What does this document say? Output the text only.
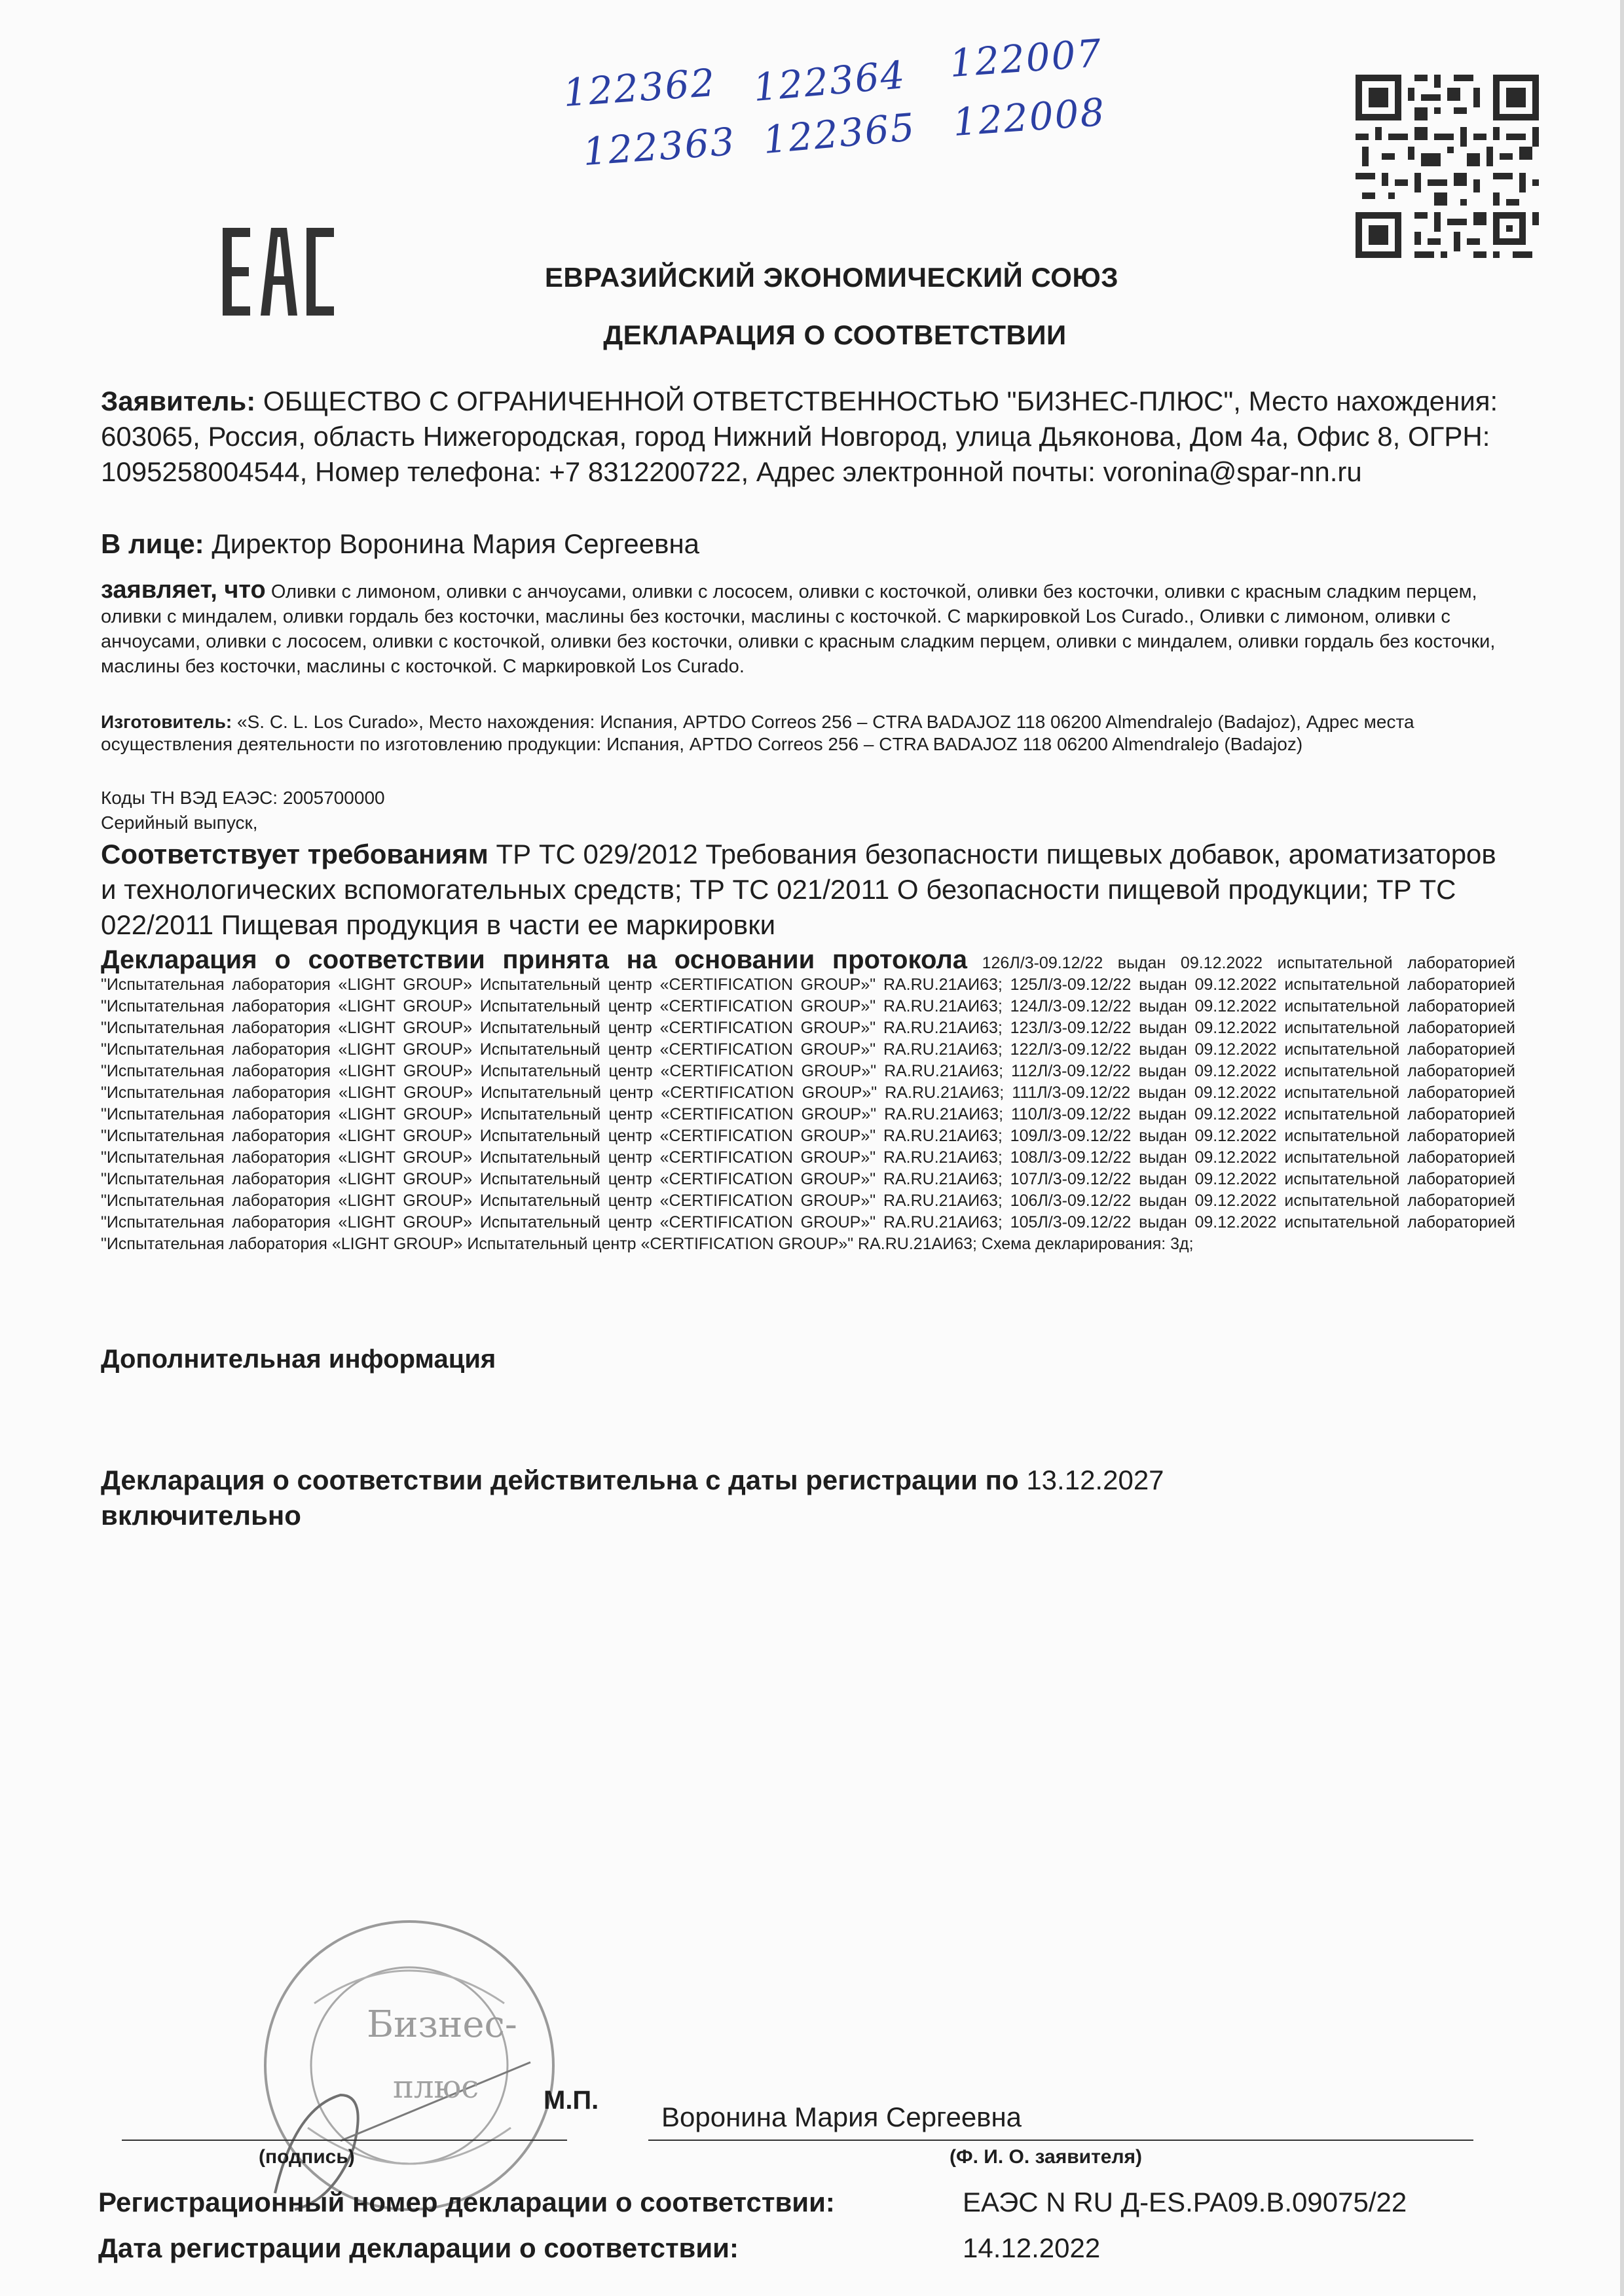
122362 122364 122007
122363 122365 122008
ЕВРАЗИЙСКИЙ ЭКОНОМИЧЕСКИЙ СОЮЗ
ДЕКЛАРАЦИЯ О СООТВЕТСТВИИ
Заявитель: ОБЩЕСТВО С ОГРАНИЧЕННОЙ ОТВЕТСТВЕННОСТЬЮ "БИЗНЕС-ПЛЮС", Место нахождения: 603065, Россия, область Нижегородская, город Нижний Новгород, улица Дьяконова, Дом 4а, Офис 8, ОГРН: 1095258004544, Номер телефона: +7 8312200722, Адрес электронной почты: voronina@spar-nn.ru
В лице: Директор Воронина Мария Сергеевна
заявляет, что Оливки с лимоном, оливки с анчоусами, оливки с лососем, оливки с косточкой, оливки без косточки, оливки с красным сладким перцем, оливки с миндалем, оливки гордаль без косточки, маслины без косточки, маслины с косточкой. С маркировкой Los Curado., Оливки с лимоном, оливки с анчоусами, оливки с лососем, оливки с косточкой, оливки без косточки, оливки с красным сладким перцем, оливки с миндалем, оливки гордаль без косточки, маслины без косточки, маслины с косточкой. С маркировкой Los Curado.
Изготовитель: «S. C. L. Los Curado», Место нахождения: Испания, APTDO Correos 256 – CTRA BADAJOZ 118 06200 Almendralejo (Badajoz), Адрес места осуществления деятельности по изготовлению продукции: Испания, APTDO Correos 256 – CTRA BADAJOZ 118 06200 Almendralejo (Badajoz)
Коды ТН ВЭД ЕАЭС: 2005700000
Серийный выпуск,
Соответствует требованиям ТР ТС 029/2012 Требования безопасности пищевых добавок, ароматизаторов и технологических вспомогательных средств; ТР ТС 021/2011 О безопасности пищевой продукции; ТР ТС 022/2011 Пищевая продукция в части ее маркировки
Декларация о соответствии принята на основании протокола 126Л/3-09.12/22 выдан 09.12.2022 испытательной лабораторией "Испытательная лаборатория «LIGHT GROUP» Испытательный центр «CERTIFICATION GROUP»" RA.RU.21АИ63; 125Л/3-09.12/22 выдан 09.12.2022 испытательной лабораторией "Испытательная лаборатория «LIGHT GROUP» Испытательный центр «CERTIFICATION GROUP»" RA.RU.21АИ63; 124Л/3-09.12/22 выдан 09.12.2022 испытательной лабораторией "Испытательная лаборатория «LIGHT GROUP» Испытательный центр «CERTIFICATION GROUP»" RA.RU.21АИ63; 123Л/3-09.12/22 выдан 09.12.2022 испытательной лабораторией "Испытательная лаборатория «LIGHT GROUP» Испытательный центр «CERTIFICATION GROUP»" RA.RU.21АИ63; 122Л/3-09.12/22 выдан 09.12.2022 испытательной лабораторией "Испытательная лаборатория «LIGHT GROUP» Испытательный центр «CERTIFICATION GROUP»" RA.RU.21АИ63; 112Л/3-09.12/22 выдан 09.12.2022 испытательной лабораторией "Испытательная лаборатория «LIGHT GROUP» Испытательный центр «CERTIFICATION GROUP»" RA.RU.21АИ63; 111Л/3-09.12/22 выдан 09.12.2022 испытательной лабораторией "Испытательная лаборатория «LIGHT GROUP» Испытательный центр «CERTIFICATION GROUP»" RA.RU.21АИ63; 110Л/3-09.12/22 выдан 09.12.2022 испытательной лабораторией "Испытательная лаборатория «LIGHT GROUP» Испытательный центр «CERTIFICATION GROUP»" RA.RU.21АИ63; 109Л/3-09.12/22 выдан 09.12.2022 испытательной лабораторией "Испытательная лаборатория «LIGHT GROUP» Испытательный центр «CERTIFICATION GROUP»" RA.RU.21АИ63; 108Л/3-09.12/22 выдан 09.12.2022 испытательной лабораторией "Испытательная лаборатория «LIGHT GROUP» Испытательный центр «CERTIFICATION GROUP»" RA.RU.21АИ63; 107Л/3-09.12/22 выдан 09.12.2022 испытательной лабораторией "Испытательная лаборатория «LIGHT GROUP» Испытательный центр «CERTIFICATION GROUP»" RA.RU.21АИ63; 106Л/3-09.12/22 выдан 09.12.2022 испытательной лабораторией "Испытательная лаборатория «LIGHT GROUP» Испытательный центр «CERTIFICATION GROUP»" RA.RU.21АИ63; 105Л/3-09.12/22 выдан 09.12.2022 испытательной лабораторией "Испытательная лаборатория «LIGHT GROUP» Испытательный центр «CERTIFICATION GROUP»" RA.RU.21АИ63; Схема декларирования: 3д;
Дополнительная информация
Декларация о соответствии действительна с даты регистрации по 13.12.2027
включительно
Бизнес-
плюс М.П.
Воронина Мария Сергеевна
(подпись)	(Ф. И. О. заявителя)
Регистрационный номер декларации о соответствии:	ЕАЭС N RU Д-ES.РА09.В.09075/22
Дата регистрации декларации о соответствии:	14.12.2022
